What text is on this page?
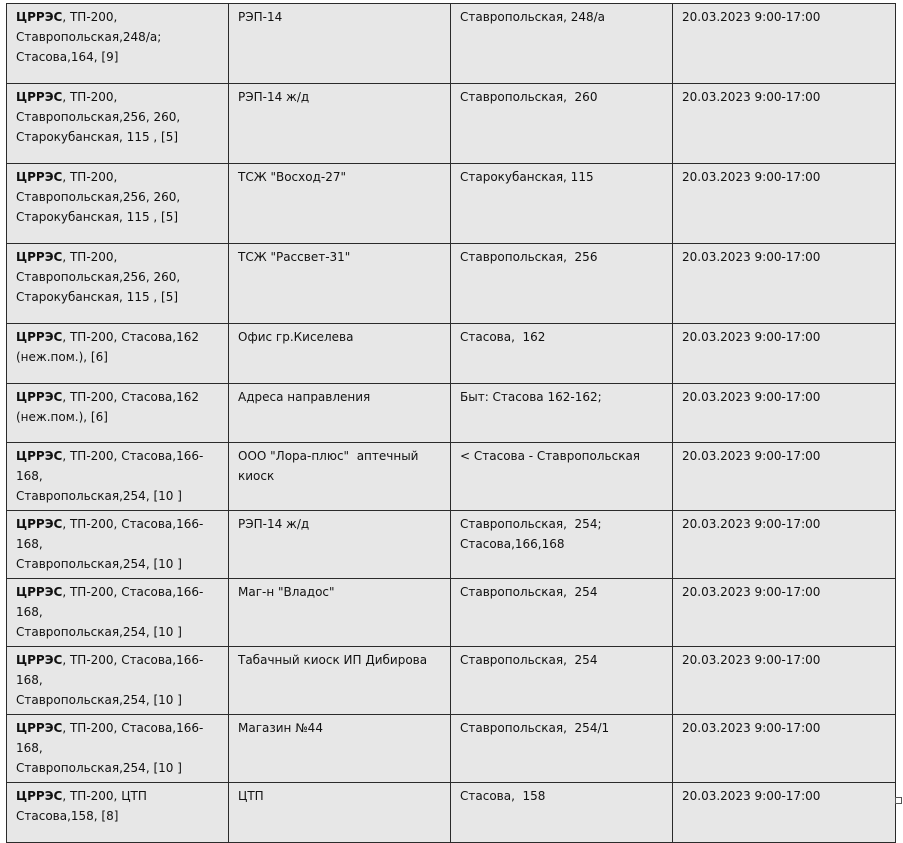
ЦРРЭС, ТП-200,
Ставропольская,248/а;
Стасова,164, [9]	РЭП-14	Ставропольская, 248/а	20.03.2023 9:00-17:00
ЦРРЭС, ТП-200,
Ставропольская,256, 260,
Старокубанская, 115 , [5]	РЭП-14 ж/д	Ставропольская,  260	20.03.2023 9:00-17:00
ЦРРЭС, ТП-200,
Ставропольская,256, 260,
Старокубанская, 115 , [5]	ТСЖ "Восход-27"	Старокубанская, 115	20.03.2023 9:00-17:00
ЦРРЭС, ТП-200,
Ставропольская,256, 260,
Старокубанская, 115 , [5]	ТСЖ "Рассвет-31"	Ставропольская,  256	20.03.2023 9:00-17:00
ЦРРЭС, ТП-200, Стасова,162
(неж.пом.), [6]	Офис гр.Киселева	Стасова,  162	20.03.2023 9:00-17:00
ЦРРЭС, ТП-200, Стасова,162
(неж.пом.), [6]	Адреса направления	Быт: Стасова 162-162;	20.03.2023 9:00-17:00
ЦРРЭС, ТП-200, Стасова,166-168,
Ставропольская,254, [10 ]	ООО "Лора-плюс"  аптечный
киоск	< Стасова - Ставропольская	20.03.2023 9:00-17:00
ЦРРЭС, ТП-200, Стасова,166-168,
Ставропольская,254, [10 ]	РЭП-14 ж/д	Ставропольская,  254;
Стасова,166,168	20.03.2023 9:00-17:00
ЦРРЭС, ТП-200, Стасова,166-168,
Ставропольская,254, [10 ]	Маг-н "Владос"	Ставропольская,  254	20.03.2023 9:00-17:00
ЦРРЭС, ТП-200, Стасова,166-168,
Ставропольская,254, [10 ]	Табачный киоск ИП Дибирова	Ставропольская,  254	20.03.2023 9:00-17:00
ЦРРЭС, ТП-200, Стасова,166-168,
Ставропольская,254, [10 ]	Магазин №44	Ставропольская,  254/1	20.03.2023 9:00-17:00
ЦРРЭС, ТП-200, ЦТП
Стасова,158, [8]	ЦТП	Стасова,  158	20.03.2023 9:00-17:00
